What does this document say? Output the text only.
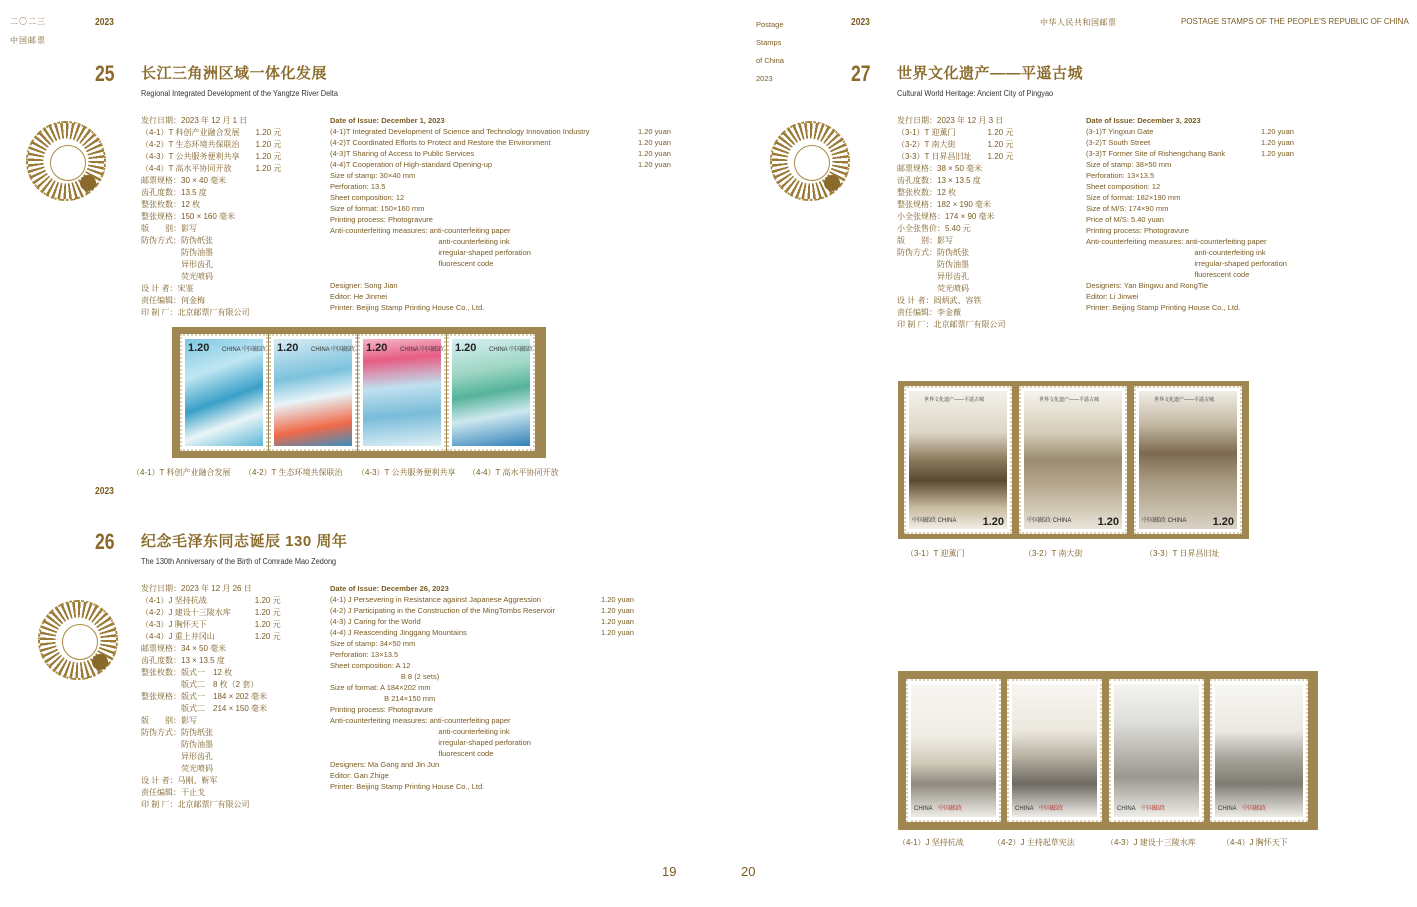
二〇二三
中国邮票
2023	Postage
Stamps
of China
2023
2023	中华人民共和国邮票	POSTAGE STAMPS OF THE PEOPLE'S REPUBLIC OF CHINA
25 长江三角洲区域一体化发展
Regional Integrated Development of the Yangtze River Delta
发行日期：2023 年 12 月 1 日
（4-1）T 科创产业融合发展　　1.20 元
（4-2）T 生态环境共保联治　　1.20 元
（4-3）T 公共服务便利共享　　1.20 元
（4-4）T 高水平协同开放　　　1.20 元
邮票规格：30 × 40 毫米
齿孔度数：13.5 度
整张枚数：12 枚
整张规格：150 × 160 毫米
版　　别：影写
防伪方式：防伪纸张
　　　　　防伪油墨
　　　　　异形齿孔
　　　　　荧光喷码
设 计 者：宋鉴
责任编辑：何金梅
印 制 厂：北京邮票厂有限公司
Date of Issue: December 1, 2023
(4-1)T Integrated Development of Science and Technology Innovation Industry	1.20 yuan
(4-2)T Coordinated Efforts to Protect and Restore the Environment	1.20 yuan
(4-3)T Sharing of Access to Public Services	1.20 yuan
(4-4)T Cooperation of High-standard Opening-up	1.20 yuan
Size of stamp: 30×40 mm
Perforation: 13.5
Sheet composition: 12
Size of format: 150×160 mm
Printing process: Photogravure
Anti-counterfeiting measures: anti-counterfeiting paper
anti-counterfeiting ink
irregular-shaped perforation
fluorescent code
Designer: Song Jian
Editor: He Jinmei
Printer: Beijing Stamp Printing House Co., Ltd.
1.20 CHINA 中国邮政 1.20 CHINA 中国邮政 1.20 CHINA 中国邮政 1.20 CHINA 中国邮政
（4-1）T 科创产业融合发展 （4-2）T 生态环境共保联治 （4-3）T 公共服务便利共享 （4-4）T 高水平协同开放
2023
26 纪念毛泽东同志诞辰 130 周年
The 130th Anniversary of the Birth of Comrade Mao Zedong
发行日期：2023 年 12 月 26 日
（4-1）J 坚持抗战　　　　　　1.20 元
（4-2）J 建设十三陵水库　　　1.20 元
（4-3）J 胸怀天下　　　　　　1.20 元
（4-4）J 重上井冈山　　　　　1.20 元
邮票规格：34 × 50 毫米
齿孔度数：13 × 13.5 度
整张枚数：版式一　12 枚
　　　　　版式二　8 枚（2 套）
整张规格：版式一　184 × 202 毫米
　　　　　版式二　214 × 150 毫米
版　　别：影写
防伪方式：防伪纸张
　　　　　防伪油墨
　　　　　异形齿孔
　　　　　荧光喷码
设 计 者：马刚、靳军
责任编辑：干止戈
印 制 厂：北京邮票厂有限公司
Date of Issue: December 26, 2023
(4-1) J Persevering in Resistance against Japanese Aggression	1.20 yuan
(4-2) J Participating in the Construction of the MingTombs Reservoir	1.20 yuan
(4-3) J Caring for the World	1.20 yuan
(4-4) J Reascending Jinggang Mountains	1.20 yuan
Size of stamp: 34×50 mm
Perforation: 13×13.5
Sheet composition: A 12
B 8 (2 sets)
Size of format: A 184×202 mm
B 214×150 mm
Printing process: Photogravure
Anti-counterfeiting measures: anti-counterfeiting paper
anti-counterfeiting ink
irregular-shaped perforation
fluorescent code
Designers: Ma Gang and Jin Jun
Editor: Gan Zhige
Printer: Beijing Stamp Printing House Co., Ltd.
27 世界文化遗产——平遥古城
Cultural World Heritage: Ancient City of Pingyao
发行日期：2023 年 12 月 3 日
（3-1）T 迎薰门　　　　1.20 元
（3-2）T 南大街　　　　1.20 元
（3-3）T 日昇昌旧址　　1.20 元
邮票规格：38 × 50 毫米
齿孔度数：13 × 13.5 度
整张枚数：12 枚
整张规格：182 × 190 毫米
小全张规格：174 × 90 毫米
小全张售价：5.40 元
版　　别：影写
防伪方式：防伪纸张
　　　　　防伪油墨
　　　　　异形齿孔
　　　　　荧光喷码
设 计 者：阎炳武、容铁
责任编辑：李金薇
印 制 厂：北京邮票厂有限公司
Date of Issue: December 3, 2023
(3-1)T Yingxun Gate	1.20 yuan
(3-2)T South Street	1.20 yuan
(3-3)T Former Site of Rishengchang Bank	1.20 yuan
Size of stamp: 38×50 mm
Perforation: 13×13.5
Sheet composition: 12
Size of format: 182×190 mm
Size of M/S: 174×90 mm
Price of M/S: 5.40 yuan
Printing process: Photogravure
Anti-counterfeiting measures: anti-counterfeiting paper
anti-counterfeiting ink
irregular-shaped perforation
fluorescent code
Designers: Yan Bingwu and RongTie
Editor: Li Jinwei
Printer: Beijing Stamp Printing House Co., Ltd.
世界文化遗产——平遥古城
中国邮政 CHINA 1.20
世界文化遗产——平遥古城
中国邮政 CHINA 1.20
世界文化遗产——平遥古城
中国邮政 CHINA 1.20
（3-1）T 迎薰门	（3-2）T 南大街	（3-3）T 日昇昌旧址
中国邮政
CHINA	中国邮政
CHINA	中国邮政
CHINA	中国邮政
CHINA
（4-1）J 坚持抗战	（4-2）J 主持起草宪法	（4-3）J 建设十三陵水库	（4-4）J 胸怀天下
19	20
